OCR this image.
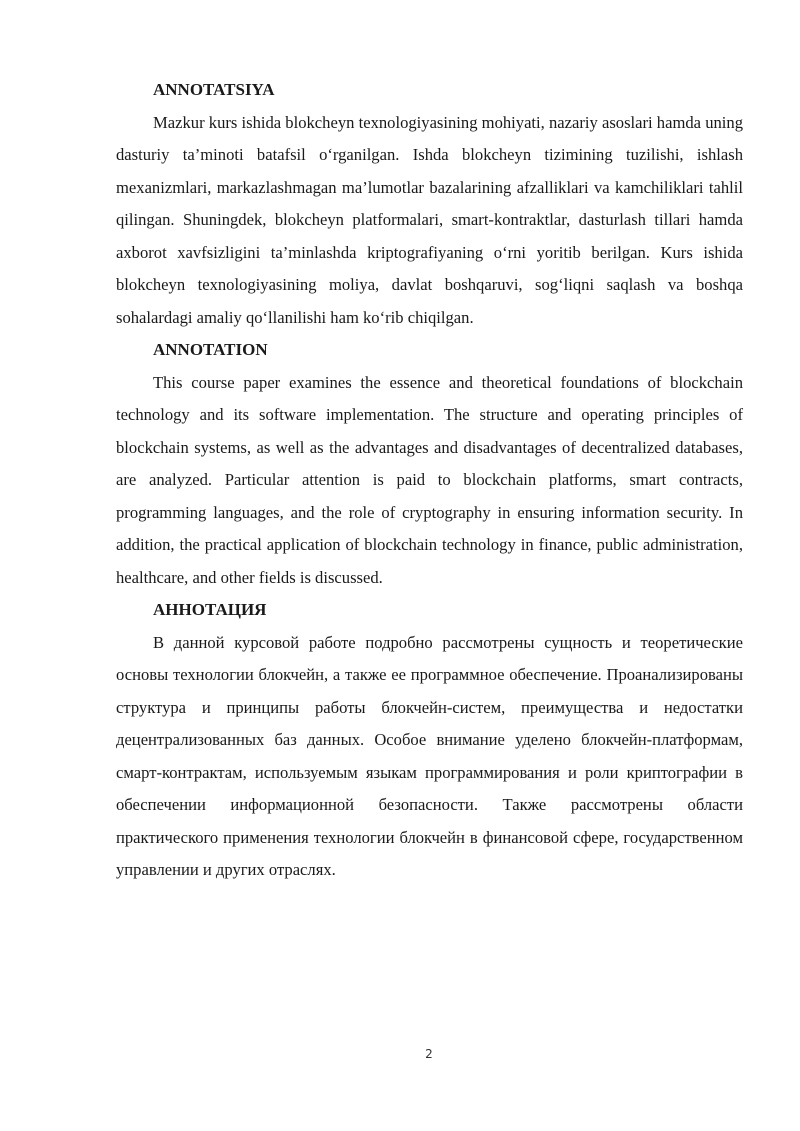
ANNOTATSIYA

Mazkur kurs ishida blokcheyn texnologiyasining mohiyati, nazariy asoslari hamda uning dasturiy ta’minoti batafsil o‘rganilgan. Ishda blokcheyn tizimining tuzilishi, ishlash mexanizmlari, markazlashmagan ma’lumotlar bazalarining afzalliklari va kamchiliklari tahlil qilingan. Shuningdek, blokcheyn platformalari, smart-kontraktlar, dasturlash tillari hamda axborot xavfsizligini ta’minlashda kriptografiyaning o‘rni yoritib berilgan. Kurs ishida blokcheyn texnologiyasining moliya, davlat boshqaruvi, sog‘liqni saqlash va boshqa sohalardagi amaliy qo‘llanilishi ham ko‘rib chiqilgan.

ANNOTATION

This course paper examines the essence and theoretical foundations of blockchain technology and its software implementation. The structure and operating principles of blockchain systems, as well as the advantages and disadvantages of decentralized databases, are analyzed. Particular attention is paid to blockchain platforms, smart contracts, programming languages, and the role of cryptography in ensuring information security. In addition, the practical application of blockchain technology in finance, public administration, healthcare, and other fields is discussed.

АННОТАЦИЯ

В данной курсовой работе подробно рассмотрены сущность и теоретические основы технологии блокчейн, а также ее программное обеспечение. Проанализированы структура и принципы работы блокчейн-систем, преимущества и недостатки децентрализованных баз данных. Особое внимание уделено блокчейн-платформам, смарт-контрактам, используемым языкам программирования и роли криптографии в обеспечении информационной безопасности. Также рассмотрены области практического применения технологии блокчейн в финансовой сфере, государственном управлении и других отраслях.

2
